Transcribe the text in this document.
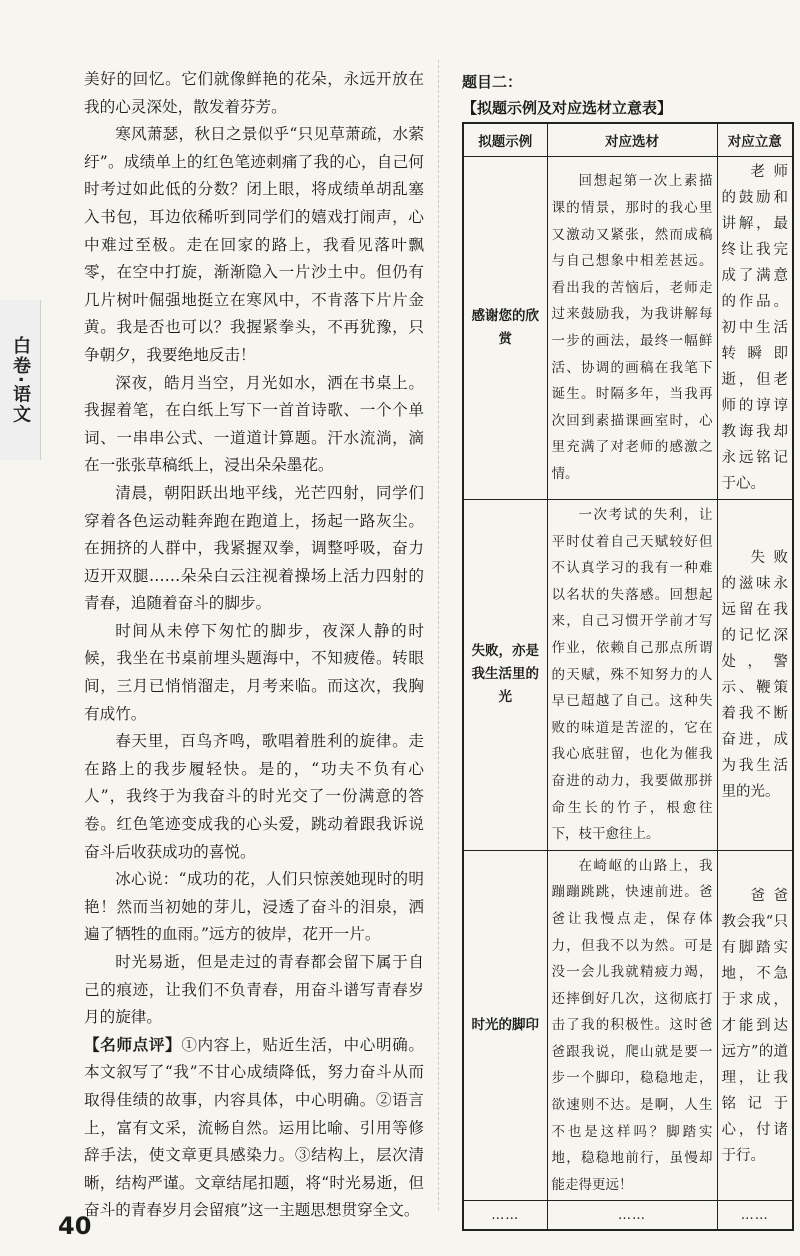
白卷·语文

美好的回忆。它们就像鲜艳的花朵，永远开放在我的心灵深处，散发着芬芳。

寒风萧瑟，秋日之景似乎“只见草萧疏，水萦纡”。成绩单上的红色笔迹刺痛了我的心，自己何时考过如此低的分数？闭上眼，将成绩单胡乱塞入书包，耳边依稀听到同学们的嬉戏打闹声，心中难过至极。走在回家的路上，我看见落叶飘零，在空中打旋，渐渐隐入一片沙土中。但仍有几片树叶倔强地挺立在寒风中，不肯落下片片金黄。我是否也可以？我握紧拳头，不再犹豫，只争朝夕，我要绝地反击！

深夜，皓月当空，月光如水，洒在书桌上。我握着笔，在白纸上写下一首首诗歌、一个个单词、一串串公式、一道道计算题。汗水流淌，滴在一张张草稿纸上，浸出朵朵墨花。

清晨，朝阳跃出地平线，光芒四射，同学们穿着各色运动鞋奔跑在跑道上，扬起一路灰尘。在拥挤的人群中，我紧握双拳，调整呼吸，奋力迈开双腿……朵朵白云注视着操场上活力四射的青春，追随着奋斗的脚步。

时间从未停下匆忙的脚步，夜深人静的时候，我坐在书桌前埋头题海中，不知疲倦。转眼间，三月已悄悄溜走，月考来临。而这次，我胸有成竹。

春天里，百鸟齐鸣，歌唱着胜利的旋律。走在路上的我步履轻快。是的，“功夫不负有心人”，我终于为我奋斗的时光交了一份满意的答卷。红色笔迹变成我的心头爱，跳动着跟我诉说奋斗后收获成功的喜悦。

冰心说：“成功的花，人们只惊羡她现时的明艳！然而当初她的芽儿，浸透了奋斗的泪泉，洒遍了牺牲的血雨。”远方的彼岸，花开一片。

时光易逝，但是走过的青春都会留下属于自己的痕迹，让我们不负青春，用奋斗谱写青春岁月的旋律。

【名师点评】①内容上，贴近生活，中心明确。本文叙写了“我”不甘心成绩降低，努力奋斗从而取得佳绩的故事，内容具体，中心明确。②语言上，富有文采，流畅自然。运用比喻、引用等修辞手法，使文章更具感染力。③结构上，层次清晰，结构严谨。文章结尾扣题，将“时光易逝，但奋斗的青春岁月会留痕”这一主题思想贯穿全文。

题目二：
【拟题示例及对应选材立意表】
拟题示例	对应选材	对应立意
感谢您的欣赏	回想起第一次上素描课的情景，那时的我心里又激动又紧张，然而成稿与自己想象中相差甚远。看出我的苦恼后，老师走过来鼓励我，为我讲解每一步的画法，最终一幅鲜活、协调的画稿在我笔下诞生。时隔多年，当我再次回到素描课画室时，心里充满了对老师的感激之情。	老师的鼓励和讲解，最终让我完成了满意的作品。初中生活转瞬即逝，但老师的谆谆教诲我却永远铭记于心。
失败，亦是我生活里的光	一次考试的失利，让平时仗着自己天赋较好但不认真学习的我有一种难以名状的失落感。回想起来，自己习惯开学前才写作业，依赖自己那点所谓的天赋，殊不知努力的人早已超越了自己。这种失败的味道是苦涩的，它在我心底驻留，也化为催我奋进的动力，我要做那拼命生长的竹子，根愈往下，枝干愈往上。	失败的滋味永远留在我的记忆深处，警示、鞭策着我不断奋进，成为我生活里的光。
时光的脚印	在崎岖的山路上，我蹦蹦跳跳，快速前进。爸爸让我慢点走，保存体力，但我不以为然。可是没一会儿我就精疲力竭，还摔倒好几次，这彻底打击了我的积极性。这时爸爸跟我说，爬山就是要一步一个脚印，稳稳地走，欲速则不达。是啊，人生不也是这样吗？脚踏实地，稳稳地前行，虽慢却能走得更远！	爸爸教会我“只有脚踏实地，不急于求成，才能到达远方”的道理，让我铭记于心，付诸于行。
……	……	……
40
